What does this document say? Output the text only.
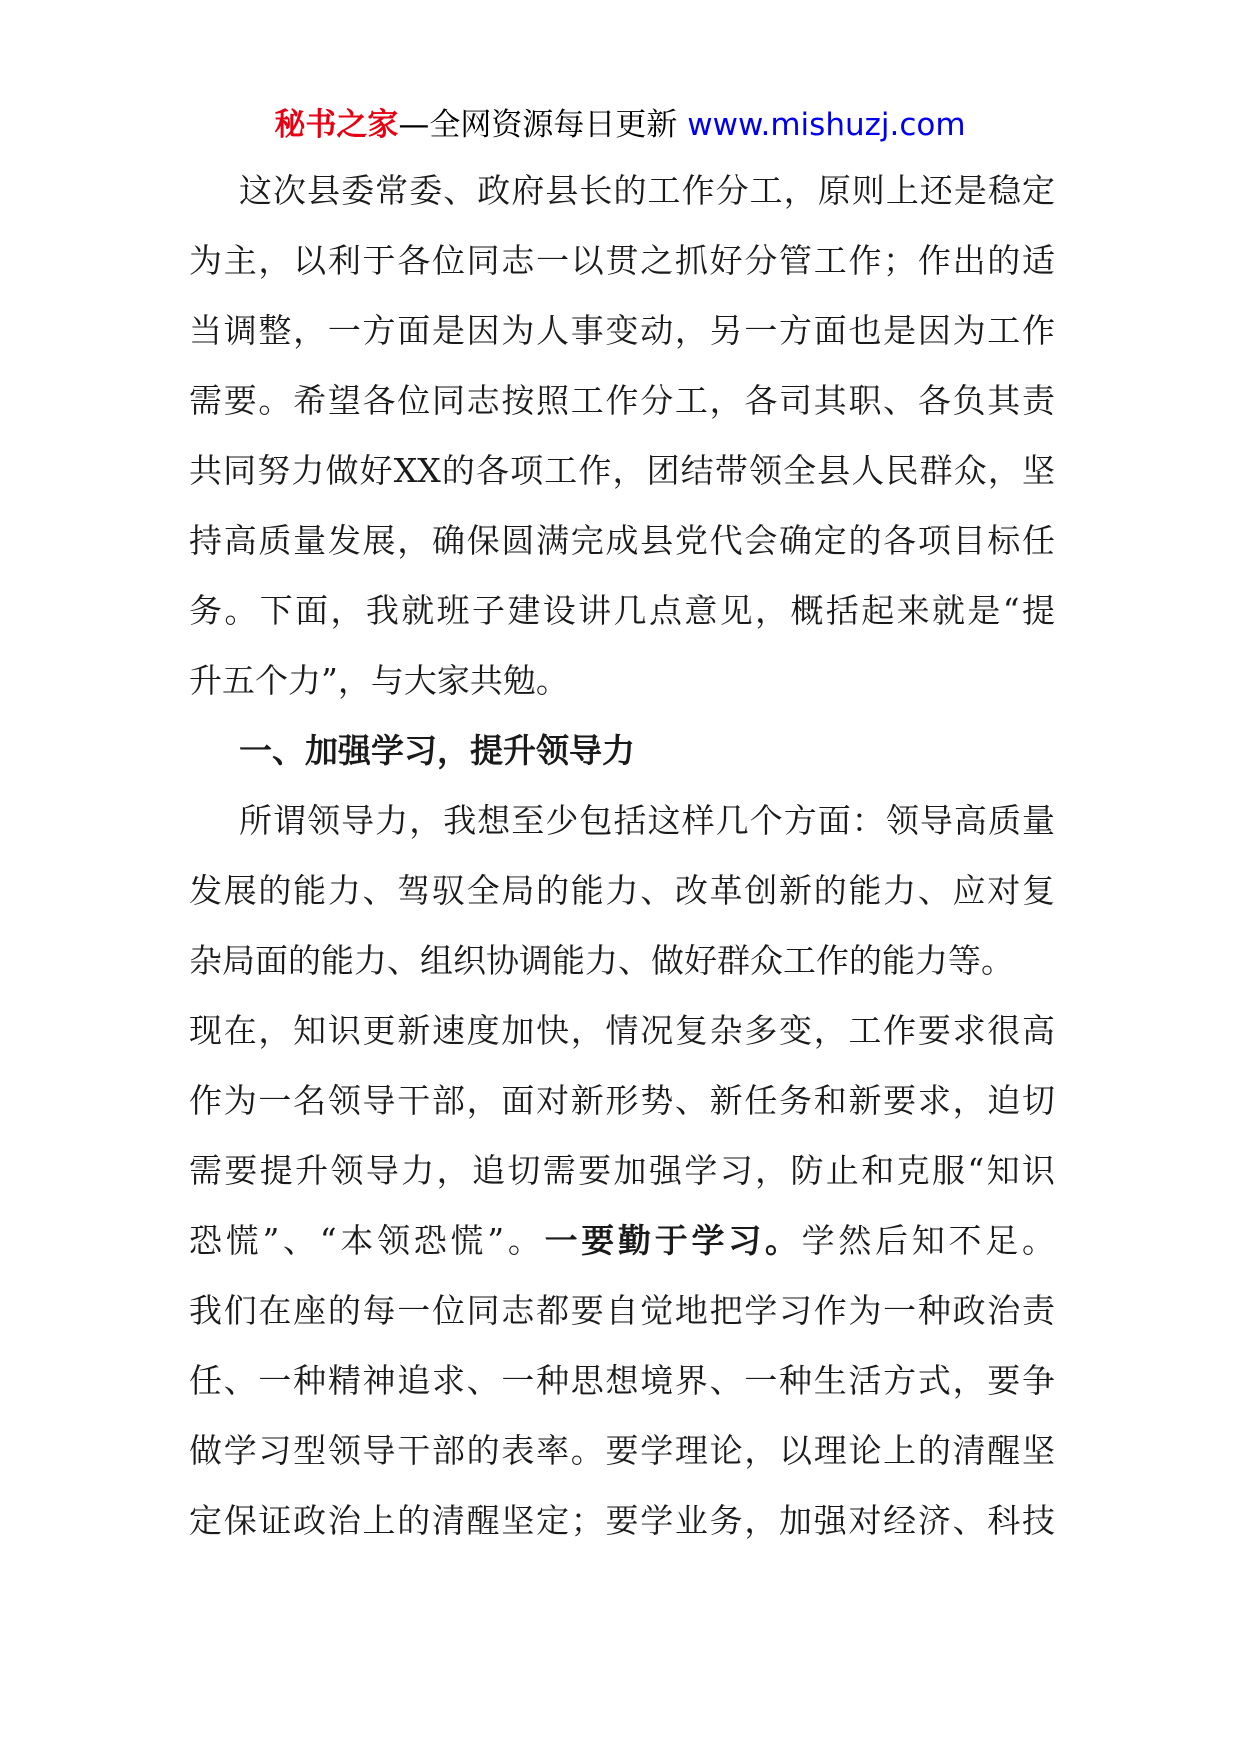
秘书之家—全网资源每日更新 www.mishuzj.com
这次县委常委、政府县长的工作分工，原则上还是稳定
为主，以利于各位同志一以贯之抓好分管工作；作出的适
当调整，一方面是因为人事变动，另一方面也是因为工作
需要。希望各位同志按照工作分工，各司其职、各负其责
共同努力做好XX的各项工作，团结带领全县人民群众，坚
持高质量发展，确保圆满完成县党代会确定的各项目标任
务。下面，我就班子建设讲几点意见，概括起来就是“提
升五个力”，与大家共勉。
一、加强学习，提升领导力
所谓领导力，我想至少包括这样几个方面：领导高质量
发展的能力、驾驭全局的能力、改革创新的能力、应对复
杂局面的能力、组织协调能力、做好群众工作的能力等。
现在，知识更新速度加快，情况复杂多变，工作要求很高
作为一名领导干部，面对新形势、新任务和新要求，迫切
需要提升领导力，追切需要加强学习，防止和克服“知识
恐慌”、“本领恐慌”。一要勤于学习。学然后知不足。
我们在座的每一位同志都要自觉地把学习作为一种政治责
任、一种精神追求、一种思想境界、一种生活方式，要争
做学习型领导干部的表率。要学理论，以理论上的清醒坚
定保证政治上的清醒坚定；要学业务，加强对经济、科技
